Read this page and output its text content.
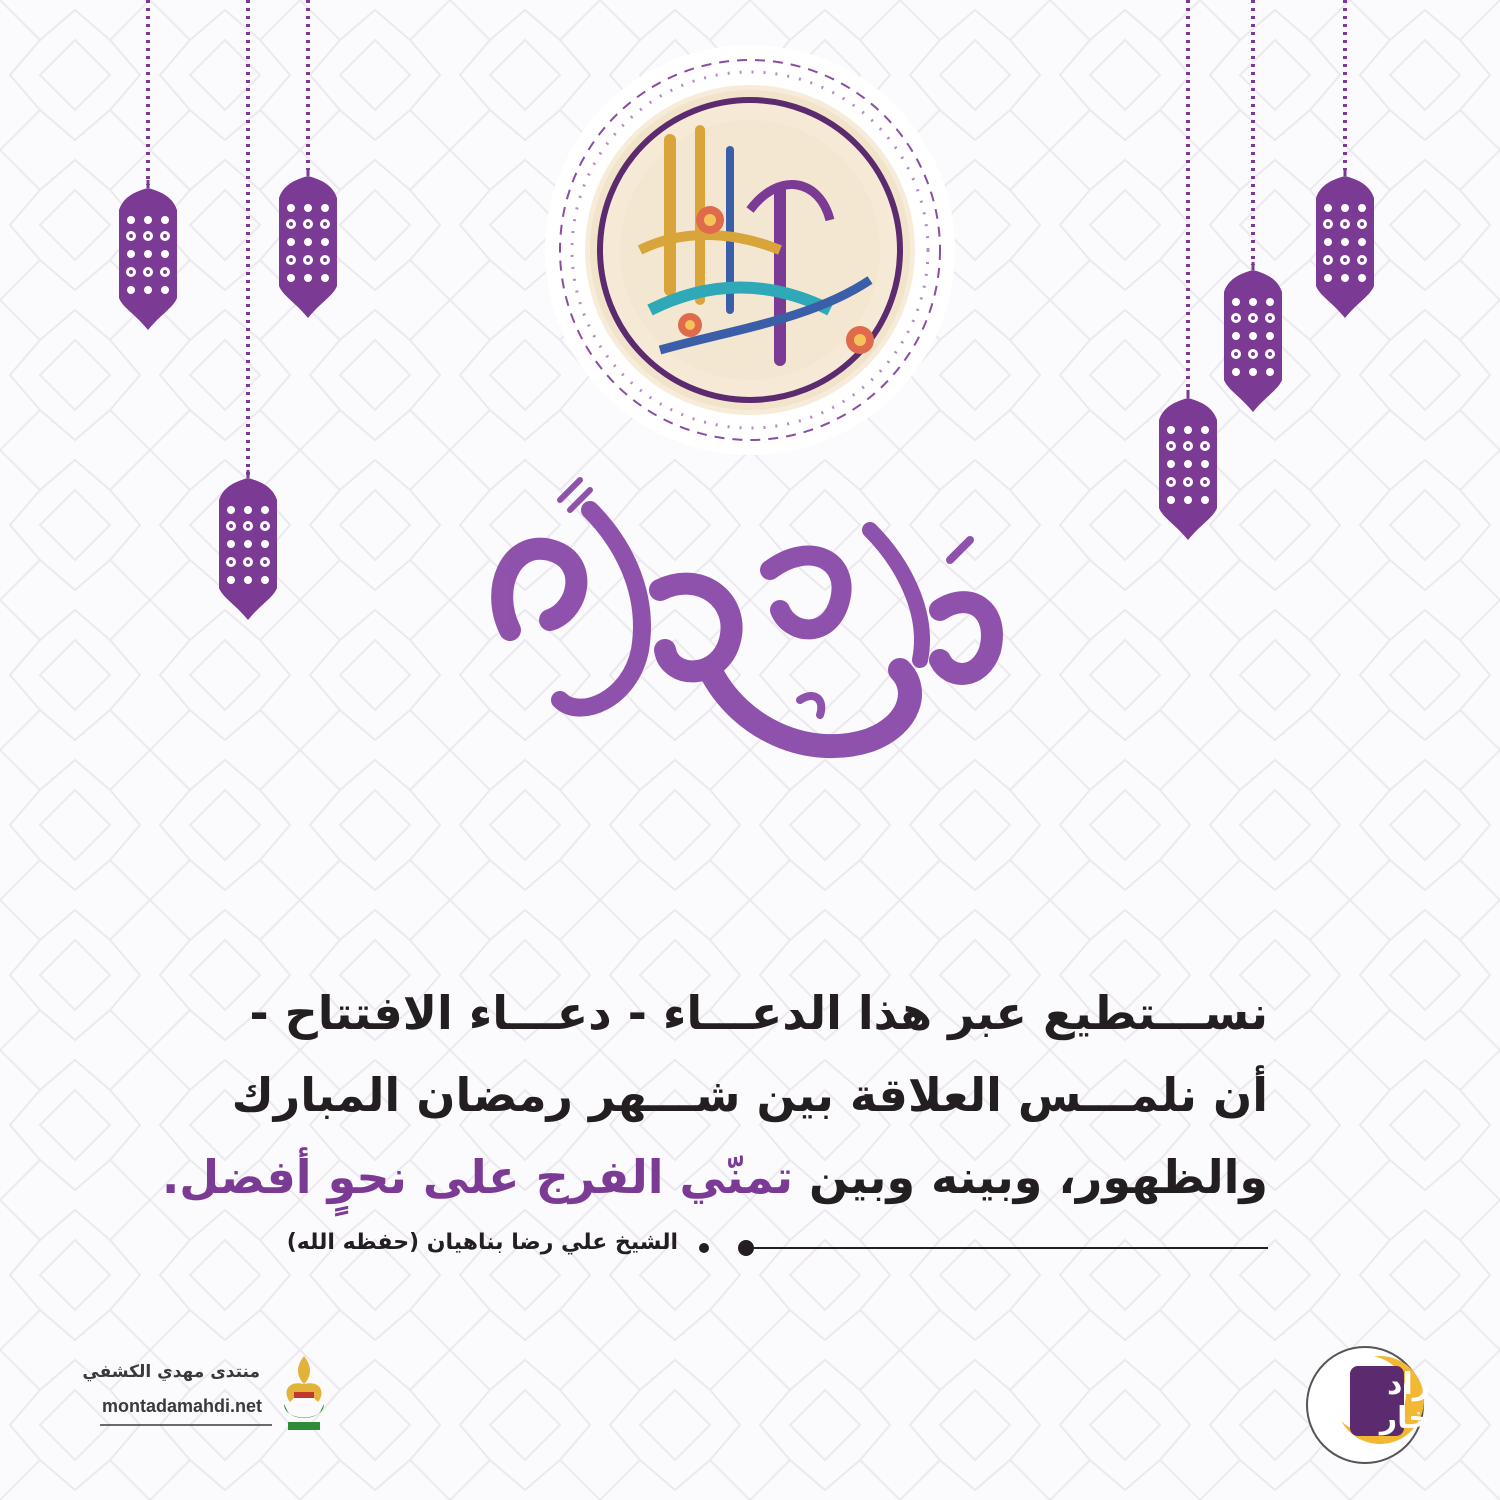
نســـتطيع عبر هذا الدعـــاء - دعـــاء الافتتاح -
أن نلمـــس العلاقة بين شـــهر رمضان المبارك
والظهور، وبينه وبين تمنّي الفرج على نحوٍ أفضل.
الشيخ علي رضا بناهيان (حفظه الله)
منتدى مهدي الكشفي
montadamahdi.net
زاد خار
